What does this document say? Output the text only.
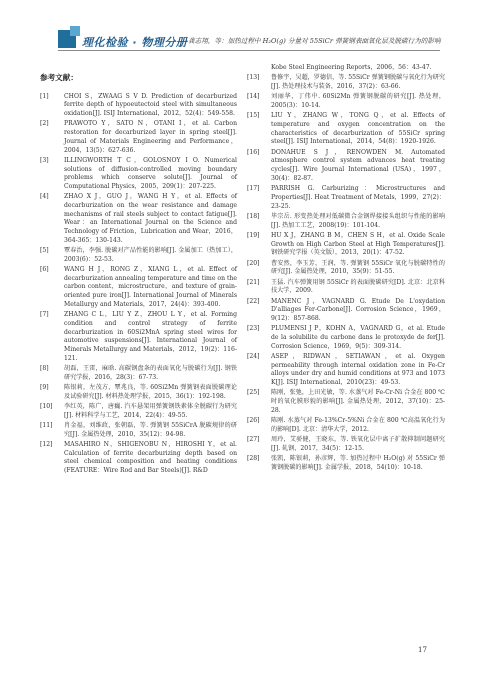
理化检验 · 物理分册 龚志翔，等：加热过程中 H₂O(g) 分量对 55SiCr 弹簧钢表面氧化层及脱碳行为的影响
参考文献：
[1]	CHOI S，ZWAAG S V D. Prediction of decarburized ferrite depth of hypoeutectoid steel with simultaneous oxidation[J]. ISIJ International，2012，52(4)：549-558.
[2]	PRAWOTO Y，SATO N，OTANI I，et al. Carbon restoration for decarburized layer in spring steel[J]. Journal of Materials Engineering and Performance，2004，13(5)：627-636.
[3]	ILLINGWORTH T C，GOLOSNOY I O. Numerical solutions of diffusion-controlled moving boundary problems which conserve solute[J]. Journal of Computational Physics，2005，209(1)：207-225.
[4]	ZHAO X J，GUO J，WANG H Y，et al. Effects of decarburization on the wear resistance and damage mechanisms of rail steels subject to contact fatigue[J]. Wear：an International Journal on the Science and Technology of Friction，Lubrication and Wear，2016，364-365：130-143.
[5]	覃春治，李强. 脱碳对产品性能的影响[J]. 金属加工（热加工），2003(6)：52-53.
[6]	WANG H J，RONG Z，XIANG L，et al. Effect of decarburization annealing temperature and time on the carbon content，microstructure，and texture of grain-oriented pure iron[J]. International Journal of Minerals Metallurgy and Materials，2017，24(4)：393-400.
[7]	ZHANG C L，LIU Y Z，ZHOU L Y，et al. Forming condition and control strategy of ferrite decarburization in 60Si2MnA spring steel wires for automotive suspensions[J]. International Journal of Minerals Metallurgy and Materials，2012，19(2)：116-121.
[8]	胡磊，王雷，麻晗. 高碳钢盘条的表面氧化与脱碳行为[J]. 钢铁研究学报，2016，28(3)：67-73.
[9]	陈银莉，左茂方，覃兆良，等. 60Si2Mn 弹簧钢表面脱碳理论及试验研究[J]. 材料热处理学报，2015，36(1)：192-198.
[10]	李红英，陈广，唐巍. 汽车悬架用弹簧钢铁素体全脱碳行为研究[J]. 材料科学与工艺，2014，22(4)：49-55.
[11]	肖金福，刘维政，张朝磊，等. 弹簧钢 55SiCrA 脱碳规律的研究[J]. 金属热处理，2010，35(12)：94-98.
[12]	MASAHIRO N，SHIGENOBU N，HIROSHI Y，et al. Calculation of ferrite decarburizing depth based on steel chemical composition and heating conditions (FEATURE：Wire Rod and Bar Steels)[J]. R&D
Kobe Steel Engineering Reports，2006，56：43-47.
[13]	鲁修宇，吴超，罗德信，等. 55SiCr 弹簧钢脱碳与氧化行为研究[J]. 热处理技术与装备，2016，37(2)：63-66.
[14]	刘丽华，丁伟中. 60Si2Mn 弹簧钢脱碳的研究[J]. 热处理，2005(3)：10-14.
[15]	LIU Y，ZHANG W，TONG Q，et al. Effects of temperature and oxygen concentration on the characteristics of decarburization of 55SiCr spring steel[J]. ISIJ International，2014，54(8)：1920-1926.
[16]	DONAHUE S J，RENOWDEN M. Automated atmosphere control system advances heat treating cycles[J]. Wire Journal International (USA)，1997，30(4)：82-87.
[17]	PARRISH G. Carburizing：Microstructures and Properties[J]. Heat Treatment of Metals，1999，27(2)：23-25.
[18]	毕宗岳. 形变热处理对低碳微合金钢焊接接头组织与性能的影响[J]. 热加工工艺，2008(19)：101-104.
[19]	HU X J，ZHANG B M，CHEN S H，et al. Oxide Scale Growth on High Carbon Steel at High Temperatures[J]. 钢铁研究学报（英文版），2013，20(1)：47-52.
[20]	曹安然，李玉芳，王润，等. 弹簧钢 55SiCr 氧化与脱碳特性的研究[J]. 金属热处理，2010，35(9)：51-55.
[21]	王猛. 汽车弹簧用钢 55SiCr 的表面脱碳研究[D]. 北京：北京科技大学，2009.
[22]	MANENC J，VAGNARD G. Etude De L'oxydation D'alliages Fer-Carbone[J]. Corrosion Science，1969，9(12)：857-868.
[23]	PLUMENSI J P，KOHN A，VAGNARD G，et al. Etude de la solubilite du carbone dans le protoxyde de fer[J]. Corrosion Science，1969，9(5)：309-314.
[24]	ASEP，RIDWAN，SETIAWAN，et al. Oxygen permeability through internal oxidation zone in Fe-Cr alloys under dry and humid conditions at 973 and 1073 K[J]. ISIJ International，2010(23)：49-53.
[25]	陈刚，张弛，上田光敏，等. 水蒸气对 Fe-Cr-Ni 合金在 800 ℃时的氧化膜形貌的影响[J]. 金属热处理，2012，37(10)：25-28.
[26]	陈刚. 水蒸气对 Fe-13%Cr-5%Ni 合金在 800 ℃高温氧化行为的影响[D]. 北京：清华大学，2012.
[27]	周玲，艾骄健，王晓东，等. 铁氧化层中离子扩散抑制问题研究[J]. 轧钢，2017，34(5)：12-15.
[28]	张凯，陈银莉，孙彦辉，等. 加热过程中 H₂O(g) 对 55SiCr 弹簧钢脱碳的影响[J]. 金属学报，2018，54(10)：10-18.
17
